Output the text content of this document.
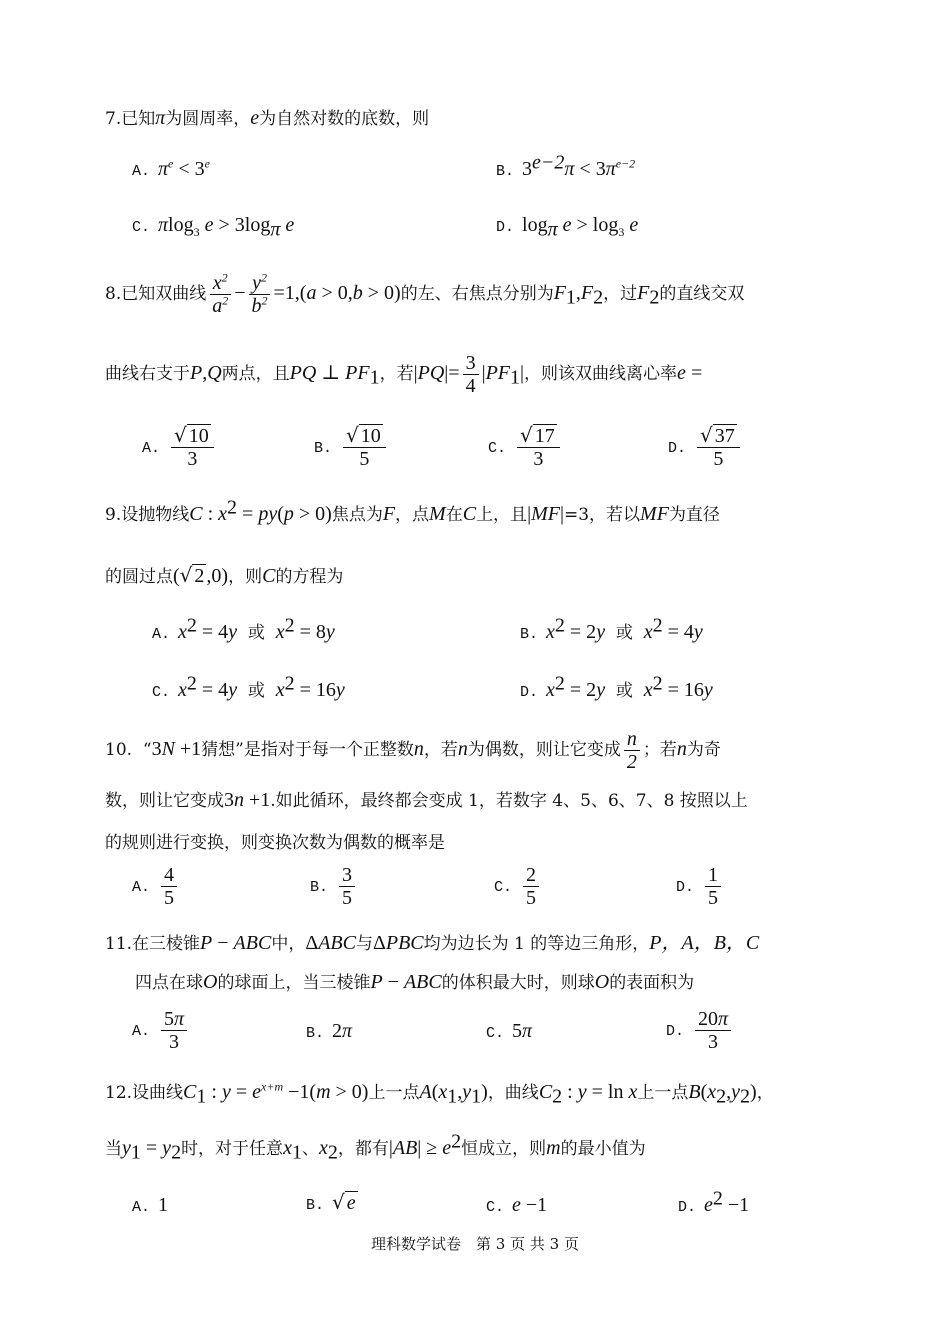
7.已知π为圆周率，e为自然对数的底数，则
A. $\pi^e < 3^e$	B. $3^{e-2}\pi < 3\pi^{e-2}$
C. πlog$_3$ $e > 3\log_\pi$ e	D. $\log_\pi e > \log_3 e$
8.已知双曲线 $\frac{x^2}{a^2} - \frac{y^2}{b^2} =1,(a > 0,b > 0)$的左、右焦点分别为$F_1,F_2$，过$F_2$的直线交双
曲线右支于P,Q两点，且PQ ⊥ $PF_1$，若$|PQ|= \frac{3}{4} |PF_1|$，则该双曲线离心率e =
A. $\frac{√ 10}{3}$	B. $\frac{√ 10}{5}$	C. $\frac{√ 17}{3}$	D. $\frac{√ 37}{5}$
9.设抛物线C : $x^2 = py(p > 0)$焦点为F，点M在C上，且|MF|=3，若以MF为直径
的圆过点(√ 2 ,0)，则C的方程为
A. $x^2 = 4y$ 或 $x^2 = 8y$	B. $x^2 = 2y$ 或 $x^2 = 4y$
C. $x^2 = 4y$ 或 $x^2 = 16y$	D. $x^2 = 2y$ 或 $x^2 = 16y$
10. “3N +1猜想”是指对于每一个正整数n，若n为偶数，则让它变成 $\frac{n}{2}$ ；若n为奇
数，则让它变成3n +1.如此循环，最终都会变成 1，若数字 4、5、6、7、8 按照以上
的规则进行变换，则变换次数为偶数的概率是
A. $\frac{4}{5}$	B. $\frac{3}{5}$	C. $\frac{2}{5}$	D. $\frac{1}{5}$
11.在三棱锥P − ABC中，ΔABC与ΔPBC均为边长为 1 的等边三角形，P，A，B，C
四点在球O的球面上，当三棱锥P − ABC的体积最大时，则球O的表面积为
A. $\frac{5\pi}{3}$	B. 2π	C. 5π	D. $\frac{20\pi}{3}$
12.设曲线$C_1$ : $y = e^{x+m} -1(m > 0)$上一点$A(x_1,y_1)$，曲线$C_2$ : y = ln x上一点$B(x_2,y_2)$，
当$y_1 = y_2$时，对于任意$x_1$、$x_2$，都有$|AB| \ge e^2$恒成立，则m的最小值为
A. 1	B. √ e	C. e −1	D. $e^2 -1$
理科数学试卷　第 3 页 共 3 页
